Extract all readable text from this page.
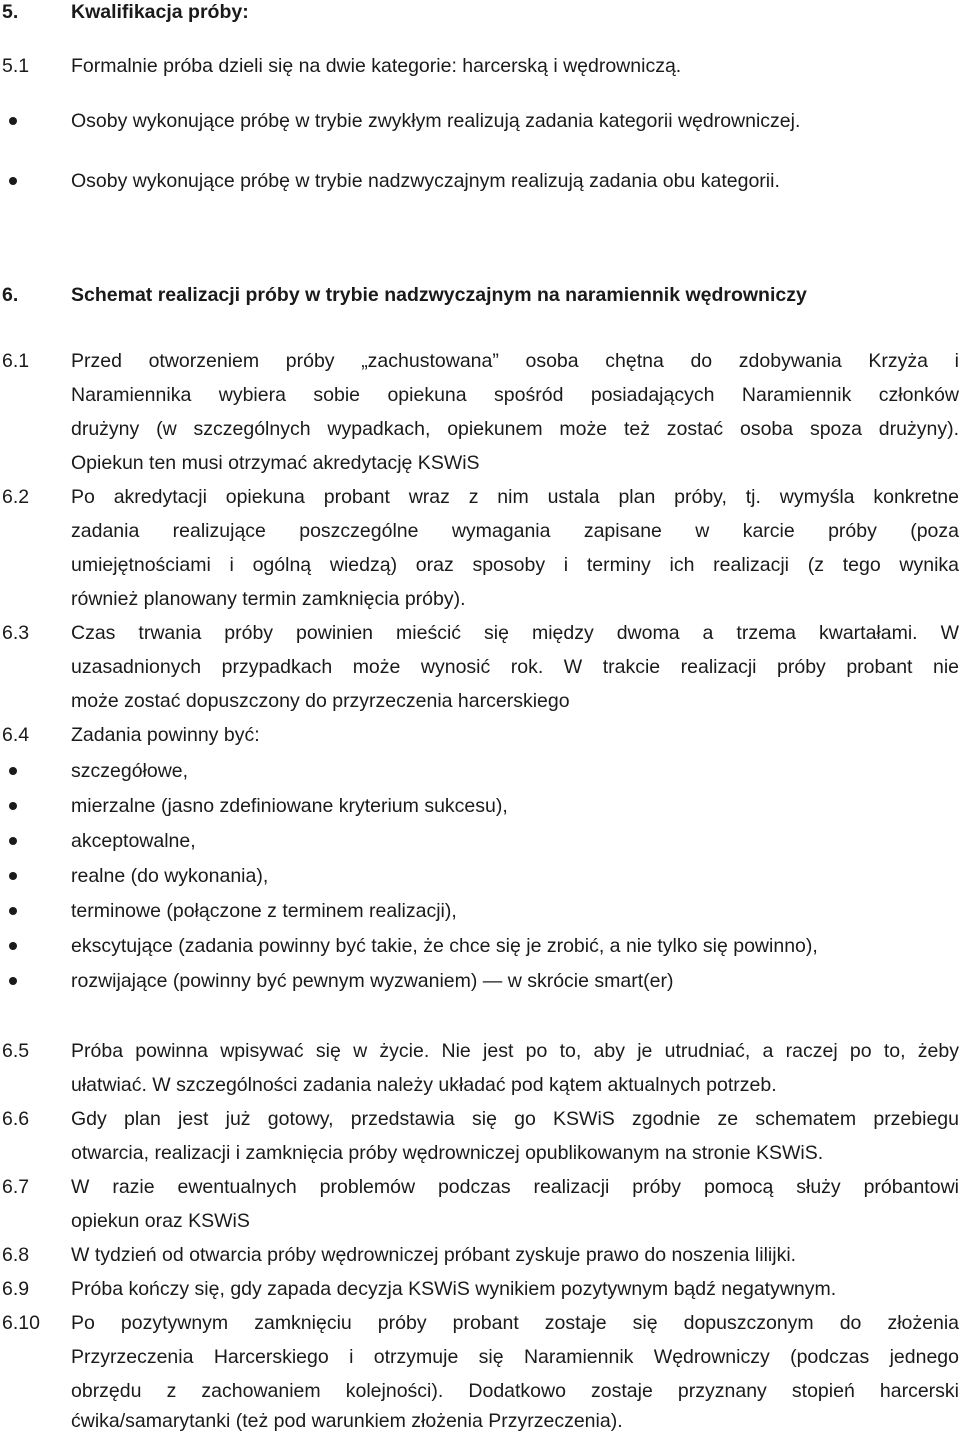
5.	Kwalifikacja próby:
5.1 Formalnie próba dzieli się na dwie kategorie: harcerską i wędrowniczą.
Osoby wykonujące próbę w trybie zwykłym realizują zadania kategorii wędrowniczej.
Osoby wykonujące próbę w trybie nadzwyczajnym realizują zadania obu kategorii.
6.	Schemat realizacji próby w trybie nadzwyczajnym na naramiennik wędrowniczy
6.1 Przed otworzeniem próby „zachustowana” osoba chętna do zdobywania Krzyża i
Naramiennika wybiera sobie opiekuna spośród posiadających Naramiennik członków
drużyny (w szczególnych wypadkach, opiekunem może też zostać osoba spoza drużyny).
Opiekun ten musi otrzymać akredytację KSWiS
6.2 Po akredytacji opiekuna probant wraz z nim ustala plan próby, tj. wymyśla konkretne
zadania realizujące poszczególne wymagania zapisane w karcie próby (poza
umiejętnościami i ogólną wiedzą) oraz sposoby i terminy ich realizacji (z tego wynika
również planowany termin zamknięcia próby).
6.3 Czas trwania próby powinien mieścić się między dwoma a trzema kwartałami. W
uzasadnionych przypadkach może wynosić rok. W trakcie realizacji próby probant nie
może zostać dopuszczony do przyrzeczenia harcerskiego
6.4 Zadania powinny być:
szczegółowe,
mierzalne (jasno zdefiniowane kryterium sukcesu),
akceptowalne,
realne (do wykonania),
terminowe (połączone z terminem realizacji),
ekscytujące (zadania powinny być takie, że chce się je zrobić, a nie tylko się powinno),
rozwijające (powinny być pewnym wyzwaniem) — w skrócie smart(er)
6.5 Próba powinna wpisywać się w życie. Nie jest po to, aby je utrudniać, a raczej po to, żeby
ułatwiać. W szczególności zadania należy układać pod kątem aktualnych potrzeb.
6.6 Gdy plan jest już gotowy, przedstawia się go KSWiS zgodnie ze schematem przebiegu
otwarcia, realizacji i zamknięcia próby wędrowniczej opublikowanym na stronie KSWiS.
6.7 W razie ewentualnych problemów podczas realizacji próby pomocą służy próbantowi
opiekun oraz KSWiS
6.8 W tydzień od otwarcia próby wędrowniczej próbant zyskuje prawo do noszenia lilijki.
6.9 Próba kończy się, gdy zapada decyzja KSWiS wynikiem pozytywnym bądź negatywnym.
6.10 Po pozytywnym zamknięciu próby probant zostaje się dopuszczonym do złożenia
Przyrzeczenia Harcerskiego i otrzymuje się Naramiennik Wędrowniczy (podczas jednego
obrzędu z zachowaniem kolejności). Dodatkowo zostaje przyznany stopień harcerski
ćwika/samarytanki (też pod warunkiem złożenia Przyrzeczenia).
